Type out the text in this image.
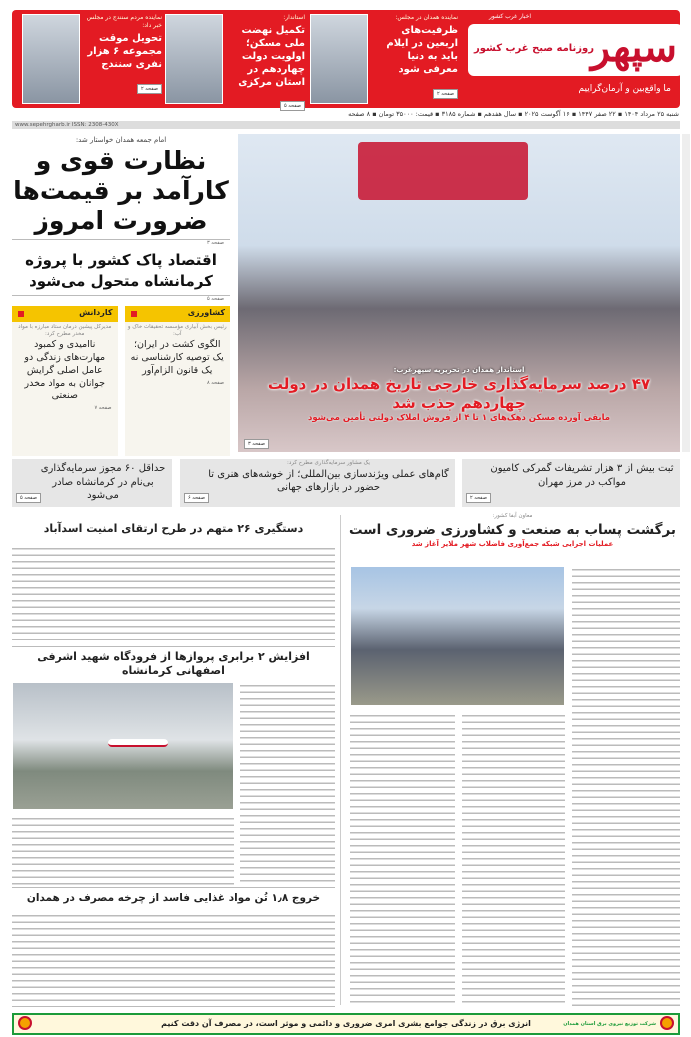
اخبار غرب کشور
سپهر
روزنامه صبح غرب کشور
ما واقع‌بین و آرمان‌گراییم
نماینده همدان در مجلس:
ظرفیت‌های اربعین در ایلام باید به دنیا معرفی شود
صفحه ۲
استاندار:
تکمیل نهضت ملی مسکن؛ اولویت دولت چهاردهم در استان مرکزی
صفحه ۵
نماینده مردم سنندج در مجلس خبر داد:
تحویل موقت مجموعه ۶ هزار نفری سنندج
صفحه ۲
شنبه ۲۵ مرداد ۱۴۰۴ ▪ ۲۲ صفر ۱۴۴۷ ▪ ۱۶ آگوست ۲۰۲۵ ▪ سال هفدهم ▪ شماره ۳۱۸۵ ▪ قیمت: ۳۵۰۰۰ تومان ▪ ۸ صفحه
www.sepehrgharb.ir ISSN: 2308-430X
امام جمعه همدان خواستار شد:
نظارت قوی و کارآمد بر قیمت‌ها ضرورت امروز
صفحه ۳
اقتصاد پاک کشور با پروژه کرمانشاه متحول می‌شود
صفحه ۵
کشاورزی
رئیس بخش آبیاری مؤسسه تحقیقات خاک و آب:
الگوی کشت در ایران؛ یک توصیه کارشناسی نه یک قانون الزام‌آور
صفحه ۸
کاردانش
مدیرکل پیشین درمان ستاد مبارزه با مواد مخدر مطرح کرد:
ناامیدی و کمبود مهارت‌های زندگی دو عامل اصلی گرایش جوانان به مواد مخدر صنعتی
صفحه ۷
استاندار همدان در تحریریه سپهرغرب:
۴۷ درصد سرمایه‌گذاری خارجی تاریخ همدان در دولت چهاردهم جذب شد
مابقی آورده مسکن دهک‌های ۱ تا ۴ از فروش املاک دولتی تأمین می‌شود
صفحه ۳
ثبت بیش از ۳ هزار تشریفات گمرکی کامیون مواکب در مرز مهران
صفحه ۲
یک مشاور سرمایه‌گذاری مطرح کرد:
گام‌های عملی ویژندسازی بین‌المللی؛ از خوشه‌های هنری تا حضور در بازارهای جهانی
صفحه ۶
حداقل ۶۰ مجوز سرمایه‌گذاری بی‌نام در کرمانشاه صادر می‌شود
صفحه ۵
معاون آبفا کشور:
برگشت پساب به صنعت و کشاورزی ضروری است
عملیات اجرایی شبکه جمع‌آوری فاضلاب شهر ملایر آغاز شد
دستگیری ۲۶ متهم در طرح ارتقای امنیت اسدآباد
افزایش ۲ برابری پروازها از فرودگاه شهید اشرفی اصفهانی کرمانشاه
خروج ۱٫۸ تُن مواد غذایی فاسد از چرخه مصرف در همدان
شرکت توزیع نیروی برق استان همدان
انرژی برق در زندگی جوامع بشری امری ضروری و دائمی و موثر است، در مصرف آن دقت کنیم
